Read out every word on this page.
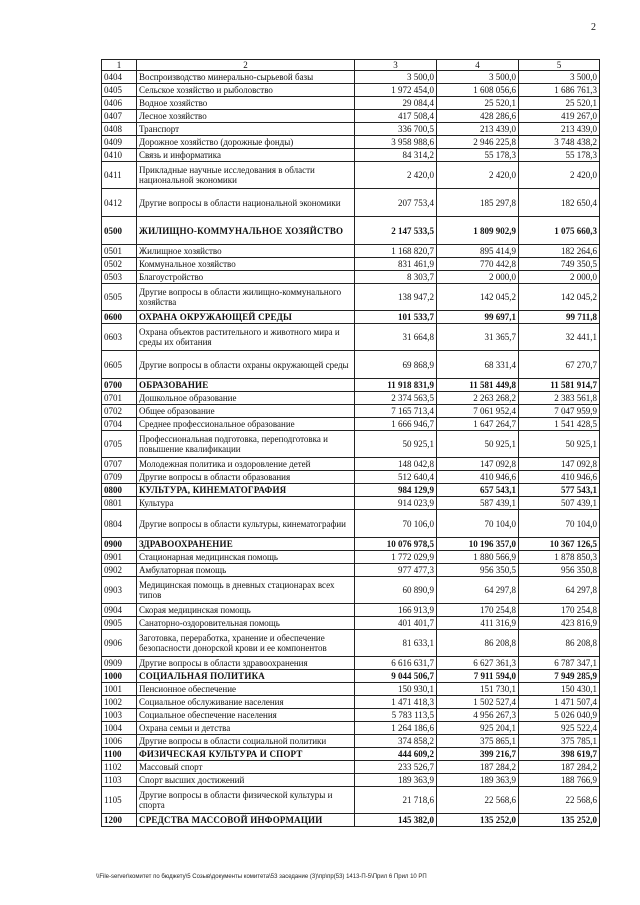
2
1	2	3	4	5
0404	Воспроизводство минерально-сырьевой базы	3 500,0	3 500,0	3 500,0
0405	Сельское хозяйство и рыболовство	1 972 454,0	1 608 056,6	1 686 761,3
0406	Водное хозяйство	29 084,4	25 520,1	25 520,1
0407	Лесное хозяйство	417 508,4	428 286,6	419 267,0
0408	Транспорт	336 700,5	213 439,0	213 439,0
0409	Дорожное хозяйство (дорожные фонды)	3 958 988,6	2 946 225,8	3 748 438,2
0410	Связь и информатика	84 314,2	55 178,3	55 178,3
0411	Прикладные научные исследования в области национальной экономики	2 420,0	2 420,0	2 420,0
0412	Другие вопросы в области национальной экономики	207 753,4	185 297,8	182 650,4
0500	ЖИЛИЩНО-КОММУНАЛЬНОЕ ХОЗЯЙСТВО	2 147 533,5	1 809 902,9	1 075 660,3
0501	Жилищное хозяйство	1 168 820,7	895 414,9	182 264,6
0502	Коммунальное хозяйство	831 461,9	770 442,8	749 350,5
0503	Благоустройство	8 303,7	2 000,0	2 000,0
0505	Другие вопросы в области жилищно-коммунального хозяйства	138 947,2	142 045,2	142 045,2
0600	ОХРАНА ОКРУЖАЮЩЕЙ СРЕДЫ	101 533,7	99 697,1	99 711,8
0603	Охрана объектов растительного и животного мира и среды их обитания	31 664,8	31 365,7	32 441,1
0605	Другие вопросы в области охраны окружающей среды	69 868,9	68 331,4	67 270,7
0700	ОБРАЗОВАНИЕ	11 918 831,9	11 581 449,8	11 581 914,7
0701	Дошкольное образование	2 374 563,5	2 263 268,2	2 383 561,8
0702	Общее образование	7 165 713,4	7 061 952,4	7 047 959,9
0704	Среднее профессиональное образование	1 666 946,7	1 647 264,7	1 541 428,5
0705	Профессиональная подготовка, переподготовка и повышение квалификации	50 925,1	50 925,1	50 925,1
0707	Молодежная политика и оздоровление детей	148 042,8	147 092,8	147 092,8
0709	Другие вопросы в области образования	512 640,4	410 946,6	410 946,6
0800	КУЛЬТУРА, КИНЕМАТОГРАФИЯ	984 129,9	657 543,1	577 543,1
0801	Культура	914 023,9	587 439,1	507 439,1
0804	Другие вопросы в области культуры, кинематографии	70 106,0	70 104,0	70 104,0
0900	ЗДРАВООХРАНЕНИЕ	10 076 978,5	10 196 357,0	10 367 126,5
0901	Стационарная медицинская помощь	1 772 029,9	1 880 566,9	1 878 850,3
0902	Амбулаторная помощь	977 477,3	956 350,5	956 350,8
0903	Медицинская помощь в дневных стационарах всех типов	60 890,9	64 297,8	64 297,8
0904	Скорая медицинская помощь	166 913,9	170 254,8	170 254,8
0905	Санаторно-оздоровительная помощь	401 401,7	411 316,9	423 816,9
0906	Заготовка, переработка, хранение и обеспечение безопасности донорской крови и ее компонентов	81 633,1	86 208,8	86 208,8
0909	Другие вопросы в области здравоохранения	6 616 631,7	6 627 361,3	6 787 347,1
1000	СОЦИАЛЬНАЯ ПОЛИТИКА	9 044 506,7	7 911 594,0	7 949 285,9
1001	Пенсионное обеспечение	150 930,1	151 730,1	150 430,1
1002	Социальное обслуживание населения	1 471 418,3	1 502 527,4	1 471 507,4
1003	Социальное обеспечение населения	5 783 113,5	4 956 267,3	5 026 040,9
1004	Охрана семьи и детства	1 264 186,6	925 204,1	925 522,4
1006	Другие вопросы в области социальной политики	374 858,2	375 865,1	375 785,1
1100	ФИЗИЧЕСКАЯ КУЛЬТУРА И СПОРТ	444 609,2	399 216,7	398 619,7
1102	Массовый спорт	233 526,7	187 284,2	187 284,2
1103	Спорт высших достижений	189 363,9	189 363,9	188 766,9
1105	Другие вопросы в области физической культуры и спорта	21 718,6	22 568,6	22 568,6
1200	СРЕДСТВА МАССОВОЙ ИНФОРМАЦИИ	145 382,0	135 252,0	135 252,0
\\File-server\комитет по бюджету\5 Созыв\документы комитета\53 заседание (3)\пр\пр(53) 1413-П-5\Прил 6 Прил 10 РП
